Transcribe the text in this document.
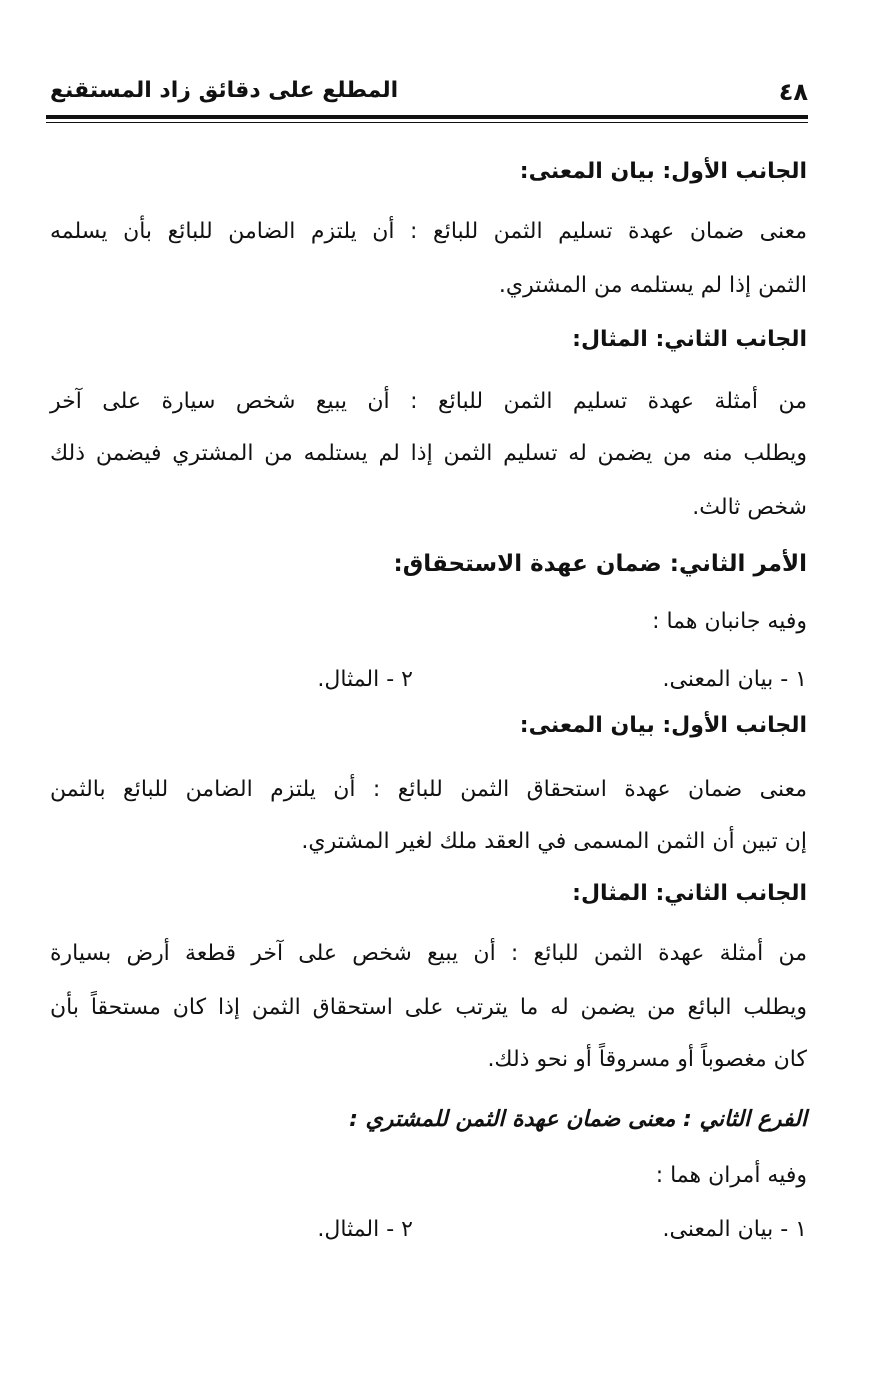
٤٨
المطلع على دقائق زاد المستقنع
الجانب الأول: بيان المعنى:
معنى ضمان عهدة تسليم الثمن للبائع : أن يلتزم الضامن للبائع بأن يسلمه
الثمن إذا لم يستلمه من المشتري.
الجانب الثاني: المثال:
من أمثلة عهدة تسليم الثمن للبائع : أن يبيع شخص سيارة على آخر
ويطلب منه من يضمن له تسليم الثمن إذا لم يستلمه من المشتري فيضمن ذلك
شخص ثالث.
الأمر الثاني: ضمان عهدة الاستحقاق:
وفيه جانبان هما :
١ - بيان المعنى.
٢ - المثال.
الجانب الأول: بيان المعنى:
معنى ضمان عهدة استحقاق الثمن للبائع : أن يلتزم الضامن للبائع بالثمن
إن تبين أن الثمن المسمى في العقد ملك لغير المشتري.
الجانب الثاني: المثال:
من أمثلة عهدة الثمن للبائع : أن يبيع شخص على آخر قطعة أرض بسيارة
ويطلب البائع من يضمن له ما يترتب على استحقاق الثمن إذا كان مستحقاً بأن
كان مغصوباً أو مسروقاً أو نحو ذلك.
الفرع الثاني : معنى ضمان عهدة الثمن للمشتري :
وفيه أمران هما :
١ - بيان المعنى.
٢ - المثال.
